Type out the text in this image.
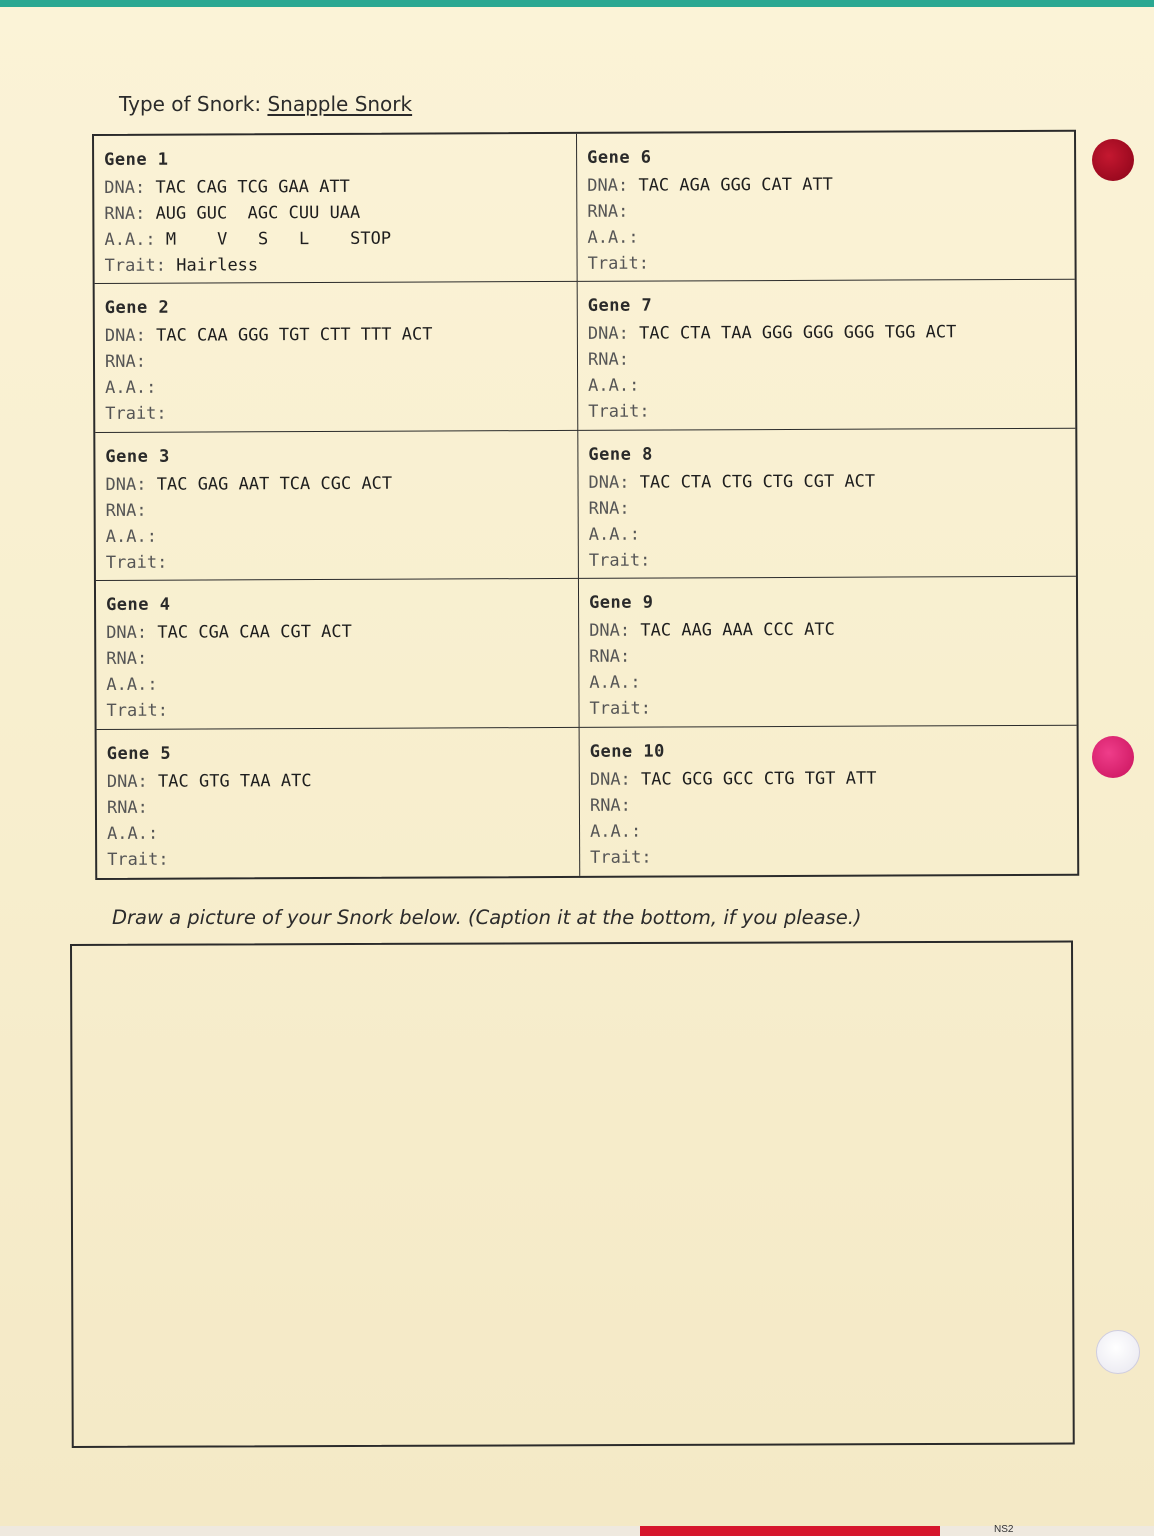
Type of Snork: Snapple Snork
Gene 1
DNA: TAC CAG TCG GAA ATT
RNA: AUG GUC  AGC CUU UAA
A.A.: M    V   S   L    STOP
Trait: Hairless
Gene 6
DNA: TAC AGA GGG CAT ATT
RNA:
A.A.:
Trait:
Gene 2
DNA: TAC CAA GGG TGT CTT TTT ACT
RNA:
A.A.:
Trait:
Gene 7
DNA: TAC CTA TAA GGG GGG GGG TGG ACT
RNA:
A.A.:
Trait:
Gene 3
DNA: TAC GAG AAT TCA CGC ACT
RNA:
A.A.:
Trait:
Gene 8
DNA: TAC CTA CTG CTG CGT ACT
RNA:
A.A.:
Trait:
Gene 4
DNA: TAC CGA CAA CGT ACT
RNA:
A.A.:
Trait:
Gene 9
DNA: TAC AAG AAA CCC ATC
RNA:
A.A.:
Trait:
Gene 5
DNA: TAC GTG TAA ATC
RNA:
A.A.:
Trait:
Gene 10
DNA: TAC GCG GCC CTG TGT ATT
RNA:
A.A.:
Trait:
Draw a picture of your Snork below. (Caption it at the bottom, if you please.)
NS2
